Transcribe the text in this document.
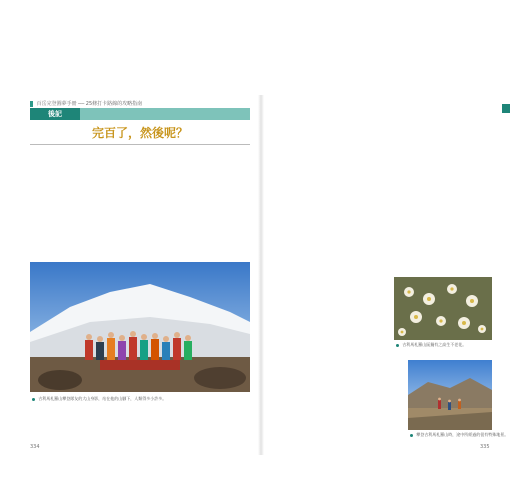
百岳完登圓夢手冊 ── 25條打卡路線的攻略指南
後記
完百了，然後呢？
吉利馬札羅山攀登隊友的大山身影，站在他的山腳下，人類得多小許多。
吉利馬札羅山區獨有之高生不老花。
攀登吉利馬札羅山時，途中所經過的很有特殊地景。
334	335
